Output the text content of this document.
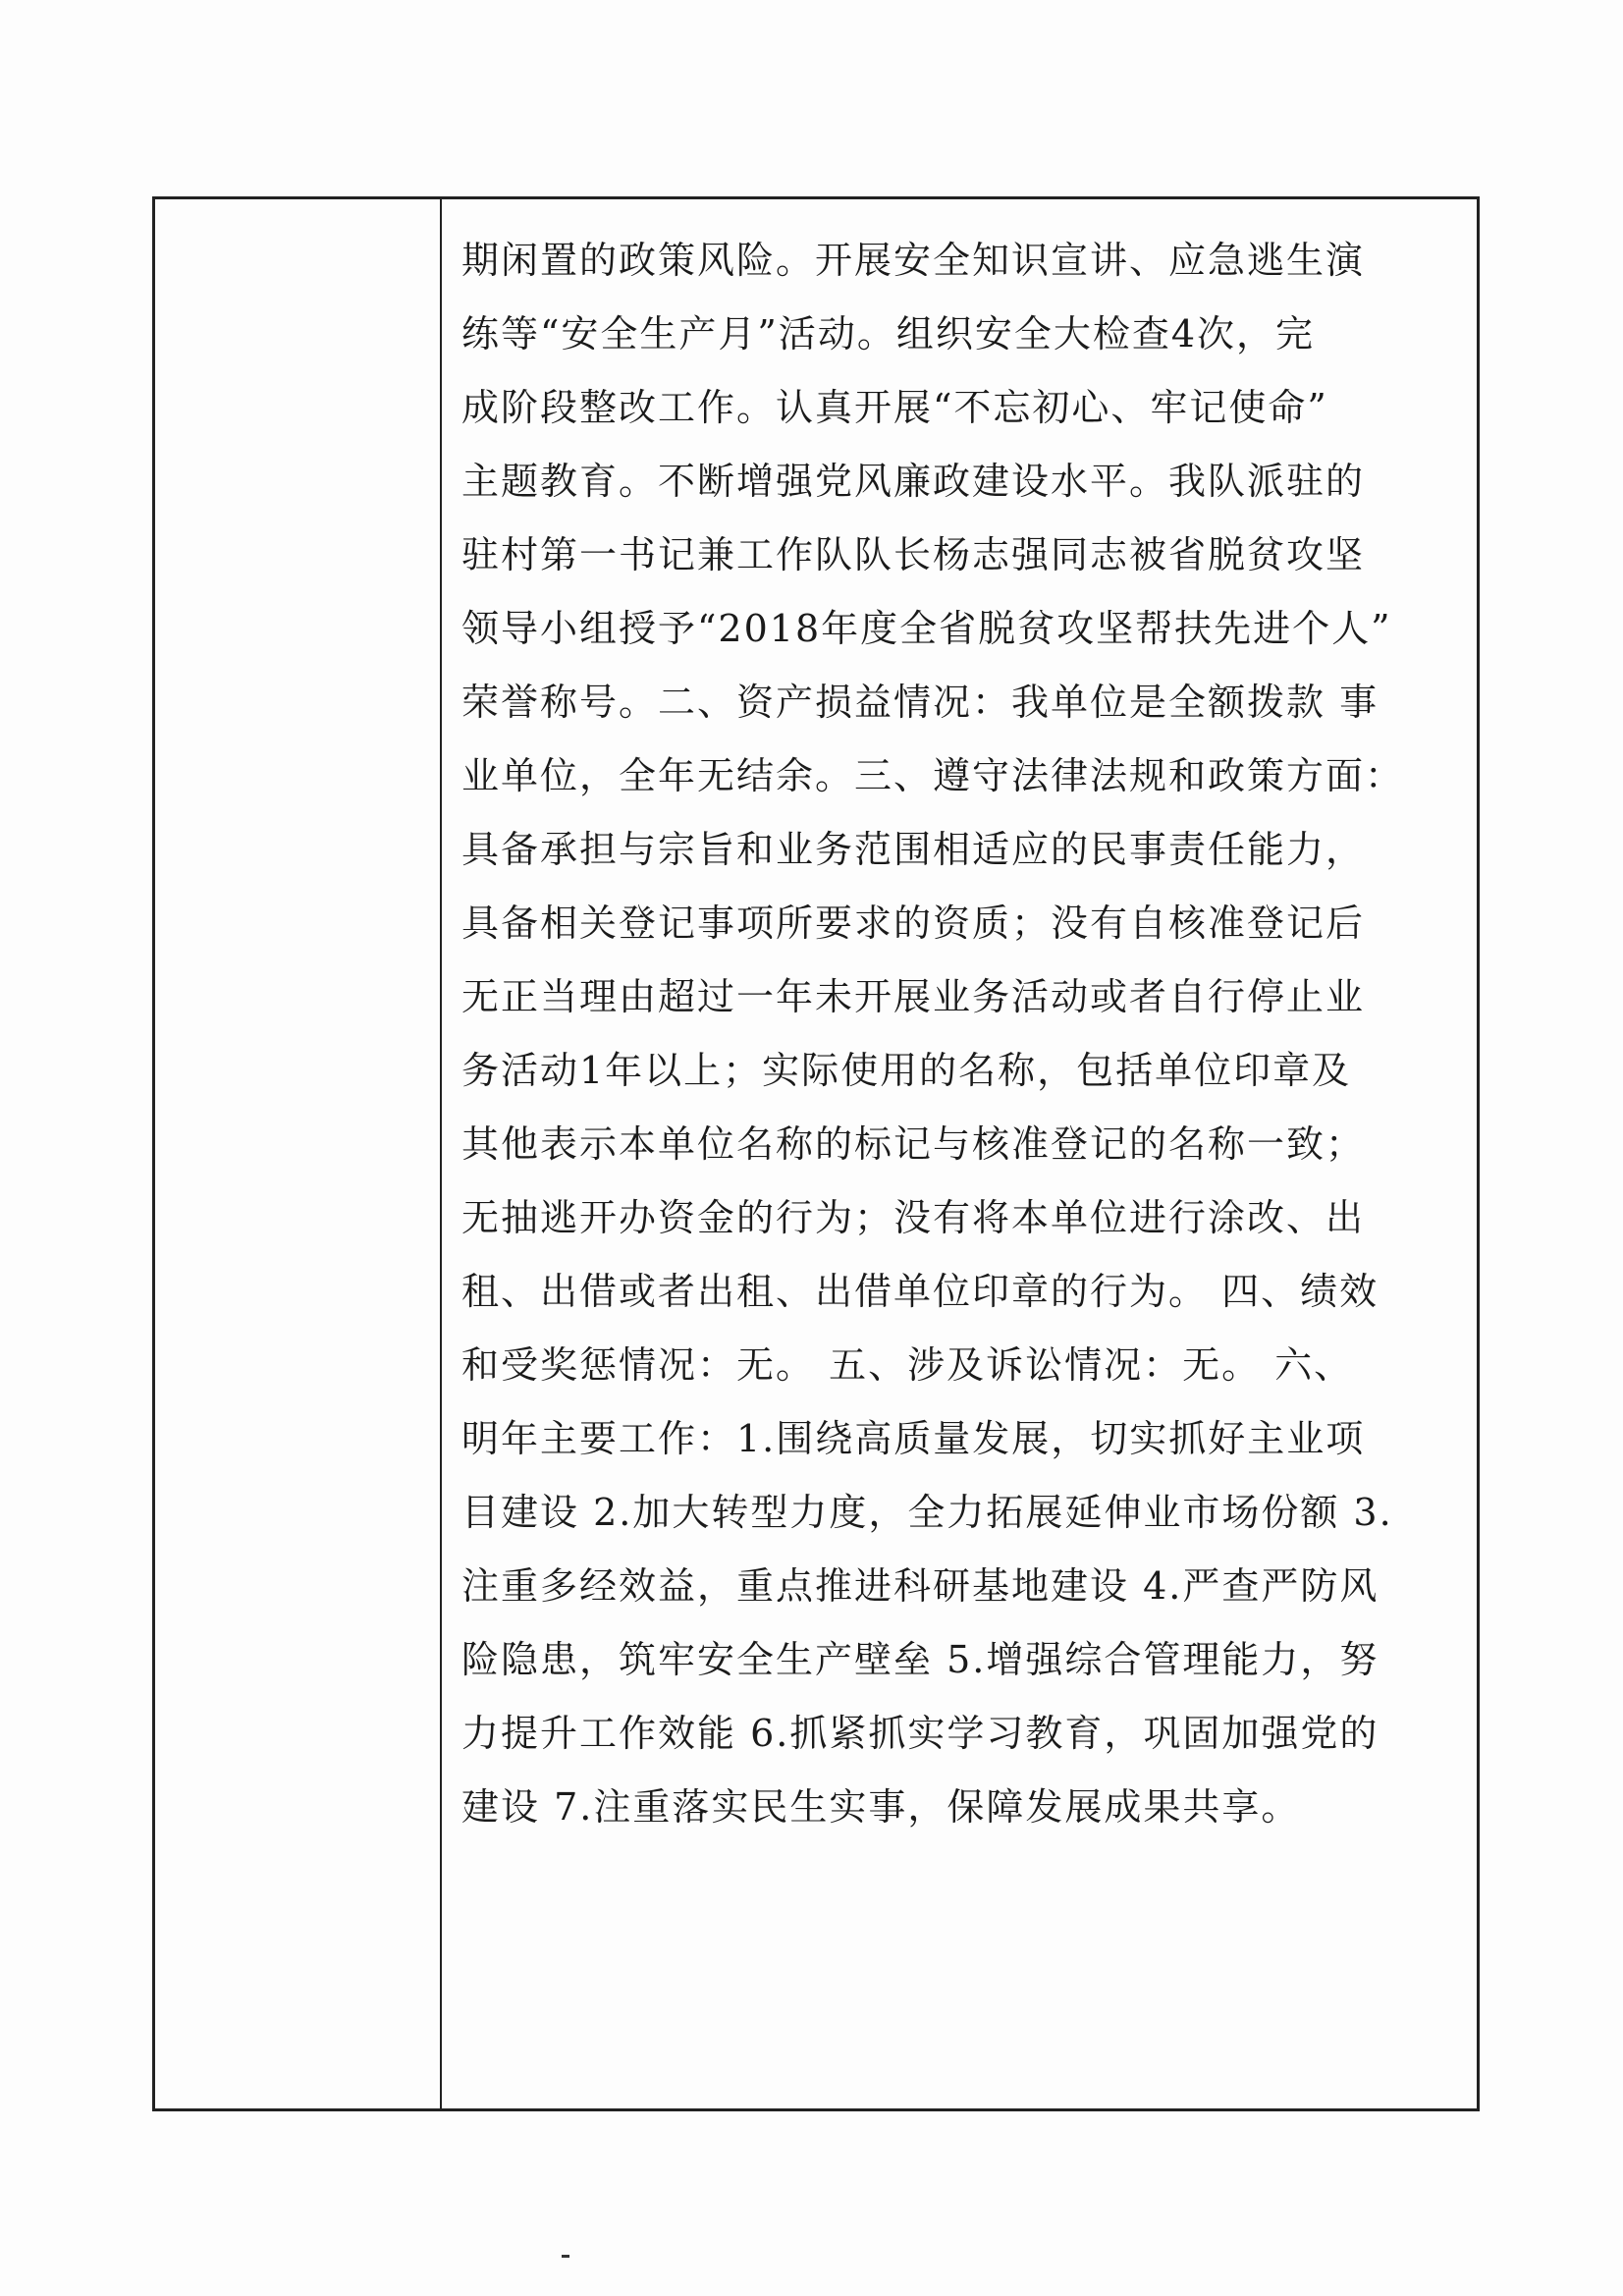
期闲置的政策风险。开展安全知识宣讲、应急逃生演
练等“安全生产月”活动。组织安全大检查4次，完
成阶段整改工作。认真开展“不忘初心、牢记使命”
主题教育。不断增强党风廉政建设水平。我队派驻的
驻村第一书记兼工作队队长杨志强同志被省脱贫攻坚
领导小组授予“2018年度全省脱贫攻坚帮扶先进个人”
荣誉称号。二、资产损益情况：我单位是全额拨款 事
业单位，全年无结余。三、遵守法律法规和政策方面：
具备承担与宗旨和业务范围相适应的民事责任能力，
具备相关登记事项所要求的资质；没有自核准登记后
无正当理由超过一年未开展业务活动或者自行停止业
务活动1年以上；实际使用的名称，包括单位印章及
其他表示本单位名称的标记与核准登记的名称一致；
无抽逃开办资金的行为；没有将本单位进行涂改、出
租、出借或者出租、出借单位印章的行为。 四、绩效
和受奖惩情况：无。 五、涉及诉讼情况：无。 六、
明年主要工作：1.围绕高质量发展，切实抓好主业项
目建设 2.加大转型力度，全力拓展延伸业市场份额 3.
注重多经效益，重点推进科研基地建设 4.严查严防风
险隐患，筑牢安全生产壁垒 5.增强综合管理能力，努
力提升工作效能 6.抓紧抓实学习教育，巩固加强党的
建设 7.注重落实民生实事，保障发展成果共享。
